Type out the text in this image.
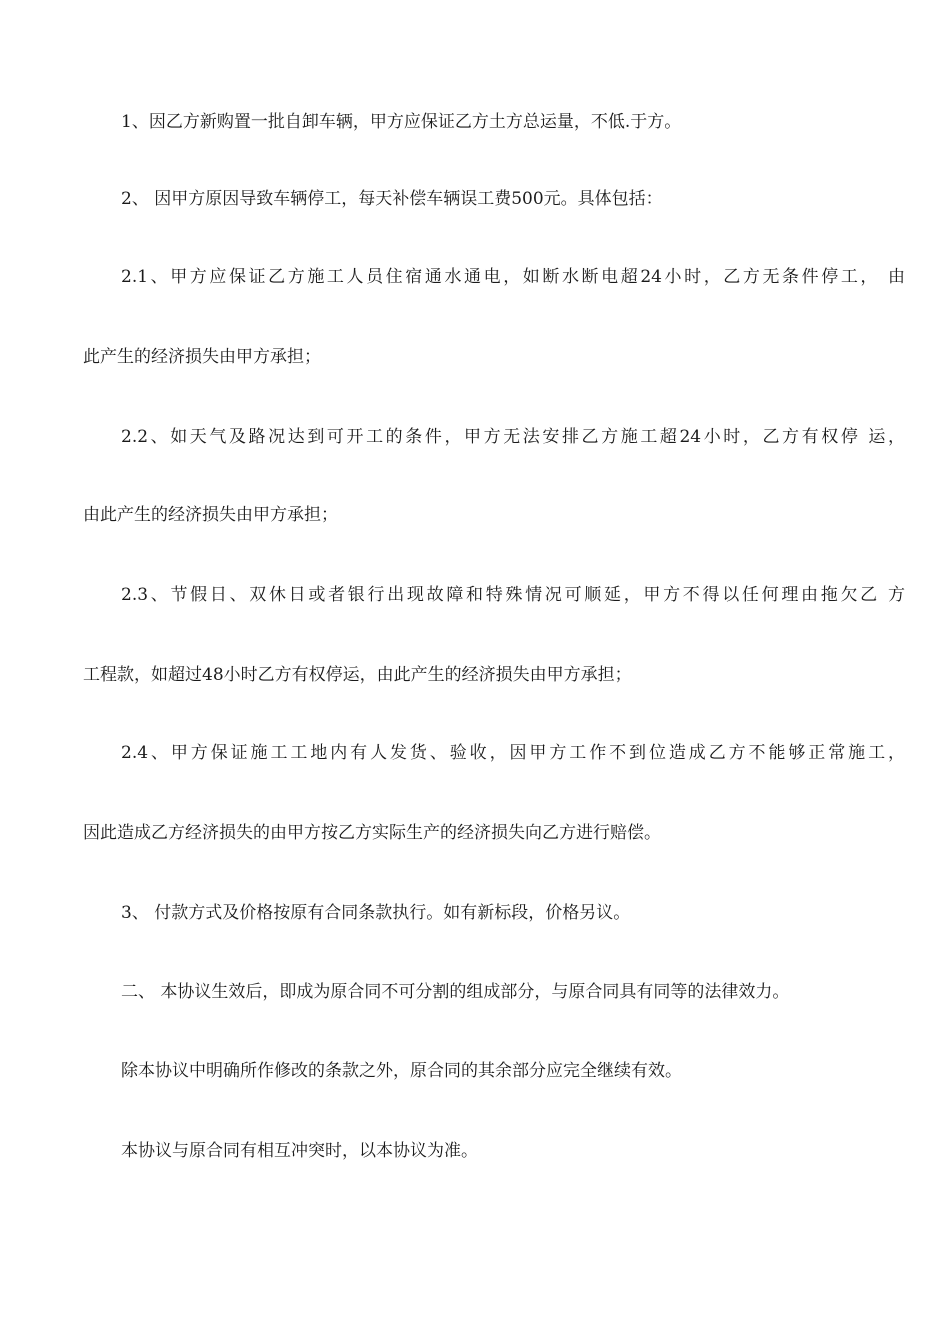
1、因乙方新购置一批自卸车辆，甲方应保证乙方土方总运量，不低.于方。
2、 因甲方原因导致车辆停工，每天补偿车辆误工费500元。具体包括：
2.1、甲方应保证乙方施工人员住宿通水通电，如断水断电超24小时，乙方无条件停工， 由
此产生的经济损失由甲方承担；
2.2、如天气及路况达到可开工的条件，甲方无法安排乙方施工超24小时，乙方有权停 运，
由此产生的经济损失由甲方承担；
2.3、节假日、双休日或者银行出现故障和特殊情况可顺延，甲方不得以任何理由拖欠乙 方
工程款，如超过48小时乙方有权停运，由此产生的经济损失由甲方承担；
2.4、甲方保证施工工地内有人发货、验收，因甲方工作不到位造成乙方不能够正常施工，
因此造成乙方经济损失的由甲方按乙方实际生产的经济损失向乙方进行赔偿。
3、 付款方式及价格按原有合同条款执行。如有新标段，价格另议。
二、 本协议生效后，即成为原合同不可分割的组成部分，与原合同具有同等的法律效力。
除本协议中明确所作修改的条款之外，原合同的其余部分应完全继续有效。
本协议与原合同有相互冲突时，以本协议为准。
